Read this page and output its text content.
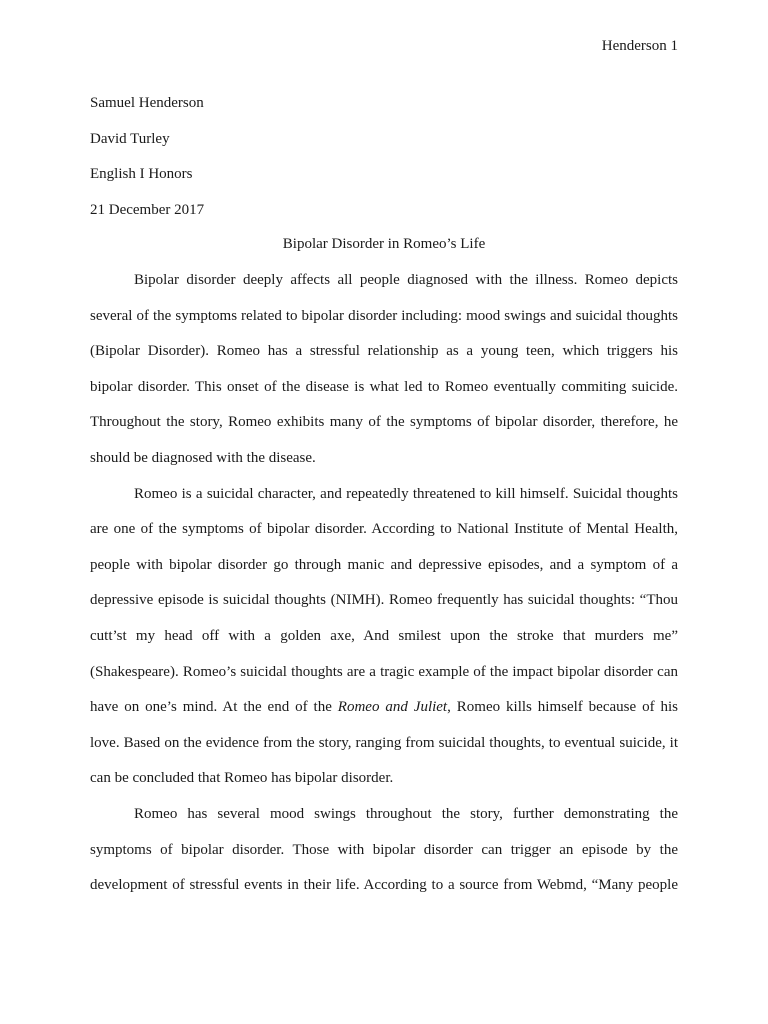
Henderson 1
Samuel Henderson
David Turley
English I Honors
21 December 2017
Bipolar Disorder in Romeo’s Life
Bipolar disorder deeply affects all people diagnosed with the illness. Romeo depicts
several of the symptoms related to bipolar disorder including: mood swings and suicidal thoughts
(Bipolar Disorder). Romeo has a stressful relationship as a young teen, which triggers his
bipolar disorder. This onset of the disease is what led to Romeo eventually commiting suicide.
Throughout the story, Romeo exhibits many of the symptoms of bipolar disorder, therefore, he
should be diagnosed with the disease.
Romeo is a suicidal character, and repeatedly threatened to kill himself. Suicidal thoughts
are one of the symptoms of bipolar disorder. According to National Institute of Mental Health,
people with bipolar disorder go through manic and depressive episodes, and a symptom of a
depressive episode is suicidal thoughts (NIMH). Romeo frequently has suicidal thoughts: “Thou
cutt’st my head off with a golden axe, And smilest upon the stroke that murders me”
(Shakespeare). Romeo’s suicidal thoughts are a tragic example of the impact bipolar disorder can
have on one’s mind. At the end of the Romeo and Juliet, Romeo kills himself because of his
love. Based on the evidence from the story, ranging from suicidal thoughts, to eventual suicide, it
can be concluded that Romeo has bipolar disorder.
Romeo has several mood swings throughout the story, further demonstrating the
symptoms of bipolar disorder. Those with bipolar disorder can trigger an episode by the
development of stressful events in their life. According to a source from Webmd, “Many people
